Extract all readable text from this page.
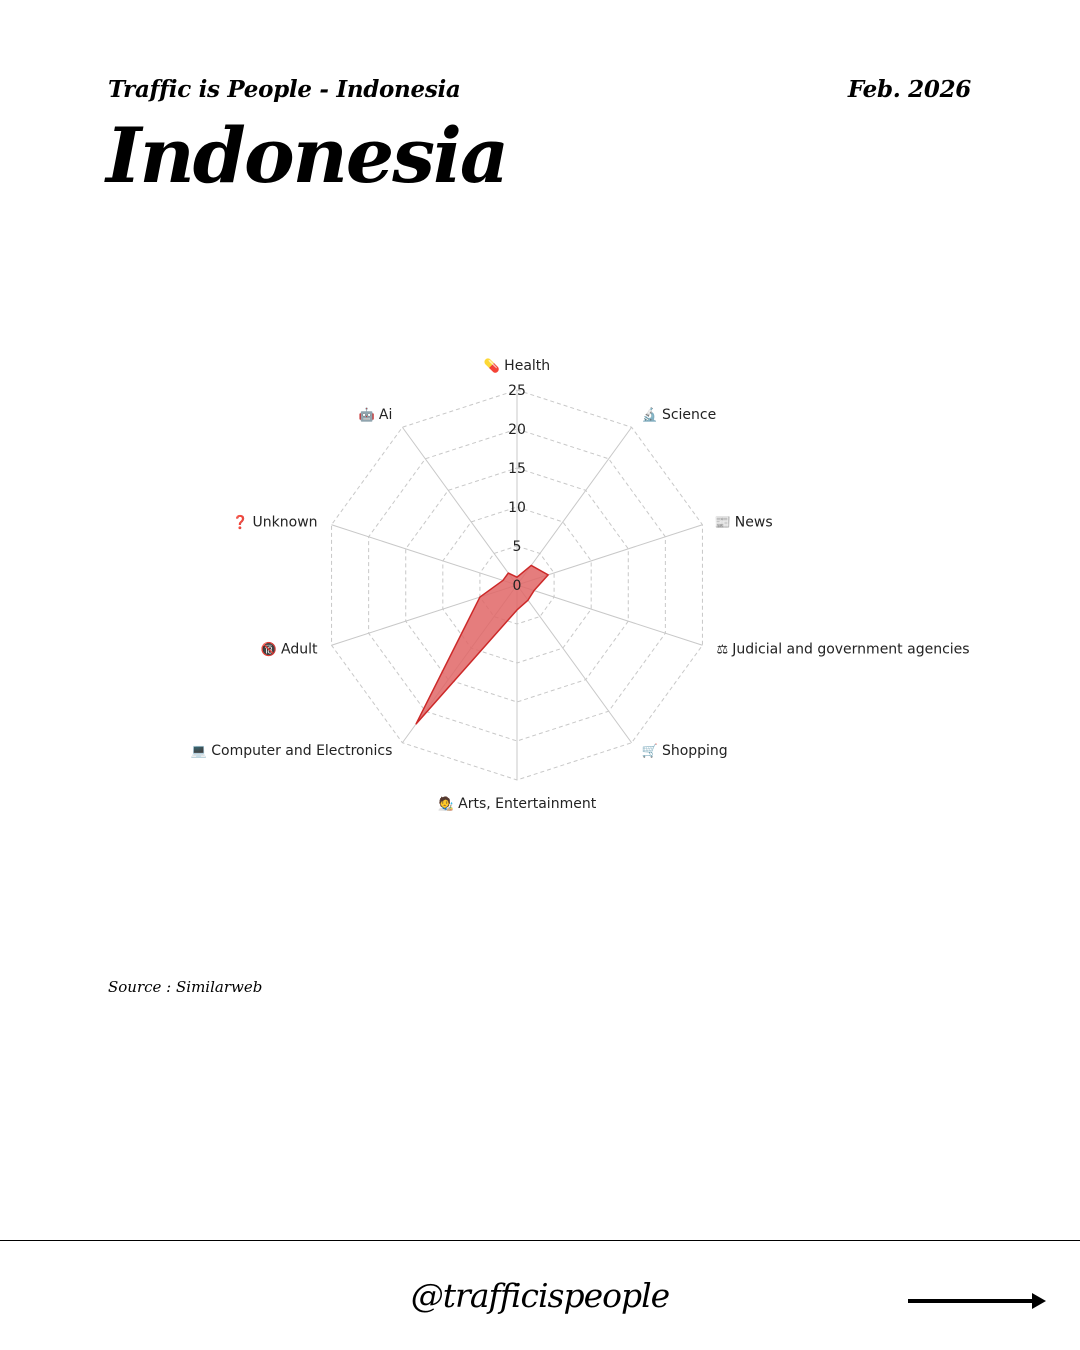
Traffic is People - Indonesia	Feb. 2026
Indonesia
0
5
10
15
20
25
💊 Health
🔬 Science
📰 News
⚖ Judicial and government agencies
🛒 Shopping
🧑‍🎨 Arts, Entertainment
💻 Computer and Electronics
🔞 Adult
❓ Unknown
🤖 Ai
Source : Similarweb
@trafficispeople
